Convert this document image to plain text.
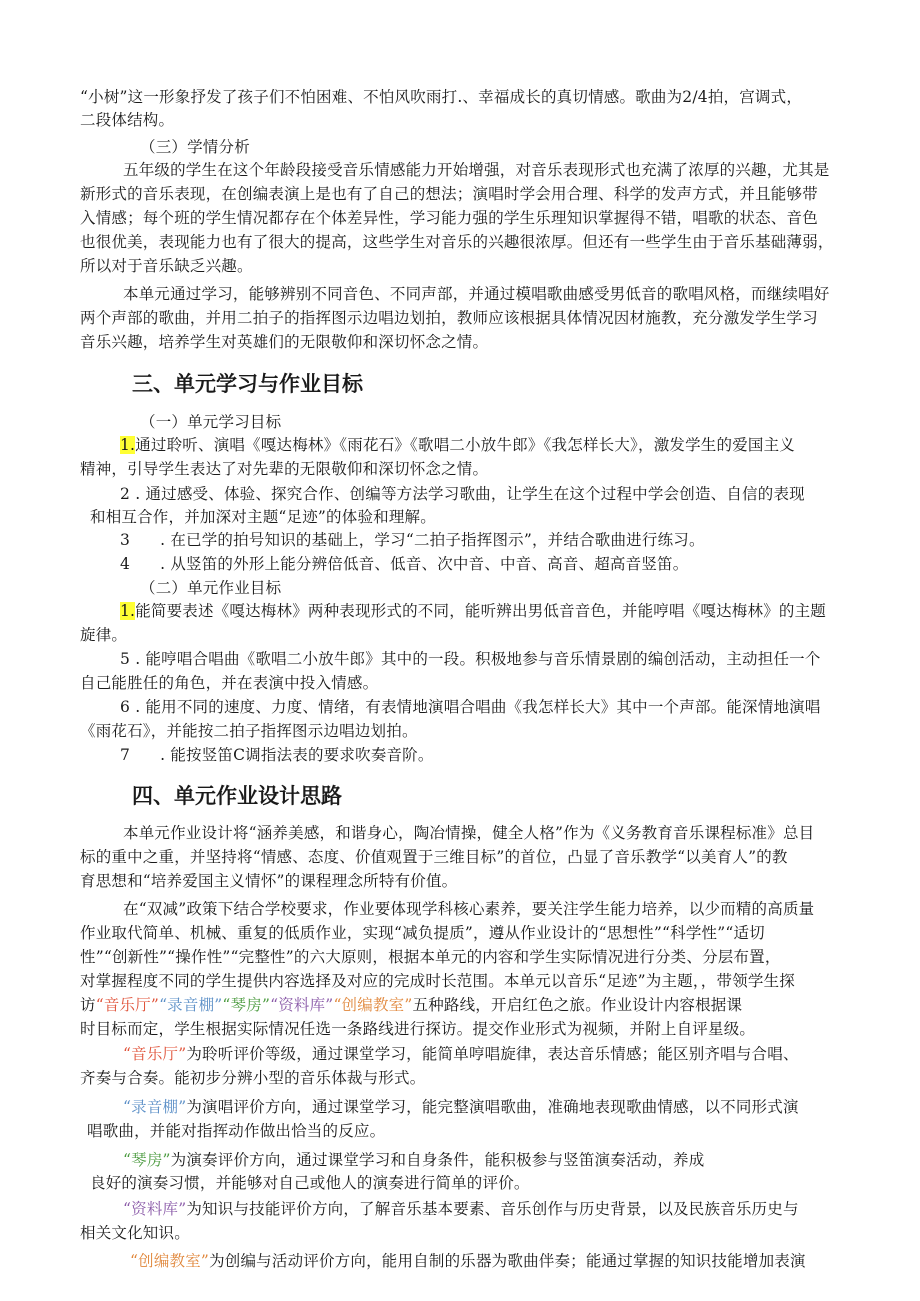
“小树”这一形象抒发了孩子们不怕困难、不怕风吹雨打.、幸福成长的真切情感。歌曲为2/4拍，宫调式，
二段体结构。
（三）学情分析
五年级的学生在这个年龄段接受音乐情感能力开始增强，对音乐表现形式也充满了浓厚的兴趣，尤其是
新形式的音乐表现，在创编表演上是也有了自己的想法；演唱时学会用合理、科学的发声方式，并且能够带
入情感；每个班的学生情况都存在个体差异性，学习能力强的学生乐理知识掌握得不错，唱歌的状态、音色
也很优美，表现能力也有了很大的提高，这些学生对音乐的兴趣很浓厚。但还有一些学生由于音乐基础薄弱，
所以对于音乐缺乏兴趣。
本单元通过学习，能够辨别不同音色、不同声部，并通过模唱歌曲感受男低音的歌唱风格，而继续唱好
两个声部的歌曲，并用二拍子的指挥图示边唱边划拍，教师应该根据具体情况因材施教，充分激发学生学习
音乐兴趣，培养学生对英雄们的无限敬仰和深切怀念之情。
三、单元学习与作业目标
（一）单元学习目标
1.通过聆听、演唱《嘎达梅林》《雨花石》《歌唱二小放牛郎》《我怎样长大》，激发学生的爱国主义
精神，引导学生表达了对先辈的无限敬仰和深切怀念之情。
2 . 通过感受、体验、探究合作、创编等方法学习歌曲，让学生在这个过程中学会创造、自信的表现
和相互合作，并加深对主题“足迹”的体验和理解。
3 . 在已学的拍号知识的基础上，学习“二拍子指挥图示”，并结合歌曲进行练习。
4 . 从竖笛的外形上能分辨倍低音、低音、次中音、中音、高音、超高音竖笛。
（二）单元作业目标
1.能简要表述《嘎达梅林》两种表现形式的不同，能听辨出男低音音色，并能哼唱《嘎达梅林》的主题
旋律。
5 . 能哼唱合唱曲《歌唱二小放牛郎》其中的一段。积极地参与音乐情景剧的编创活动，主动担任一个
自己能胜任的角色，并在表演中投入情感。
6 . 能用不同的速度、力度、情绪，有表情地演唱合唱曲《我怎样长大》其中一个声部。能深情地演唱
《雨花石》，并能按二拍子指挥图示边唱边划拍。
7 . 能按竖笛C调指法表的要求吹奏音阶。
四、单元作业设计思路
本单元作业设计将“涵养美感，和谐身心，陶冶情操，健全人格”作为《义务教育音乐课程标准》总目
标的重中之重，并坚持将“情感、态度、价值观置于三维目标”的首位，凸显了音乐教学“以美育人”的教
育思想和“培养爱国主义情怀”的课程理念所特有价值。
在“双减”政策下结合学校要求，作业要体现学科核心素养，要关注学生能力培养，以少而精的高质量
作业取代简单、机械、重复的低质作业，实现“减负提质”，遵从作业设计的“思想性”“科学性”“适切
性”“创新性”“操作性”“完整性”的六大原则，根据本单元的内容和学生实际情况进行分类、分层布置，
对掌握程度不同的学生提供内容选择及对应的完成时长范围。本单元以音乐“足迹”为主题，，带领学生探
访“音乐厅”“录音棚”“琴房”“资料库”“创编教室”五种路线，开启红色之旅。作业设计内容根据课
时目标而定，学生根据实际情况任选一条路线进行探访。提交作业形式为视频，并附上自评星级。
“音乐厅”为聆听评价等级，通过课堂学习，能简单哼唱旋律，表达音乐情感；能区别齐唱与合唱、
齐奏与合奏。能初步分辨小型的音乐体裁与形式。
“录音棚”为演唱评价方向，通过课堂学习，能完整演唱歌曲，准确地表现歌曲情感，以不同形式演
唱歌曲，并能对指挥动作做出恰当的反应。
“琴房”为演奏评价方向，通过课堂学习和自身条件，能积极参与竖笛演奏活动，养成
良好的演奏习惯，并能够对自己或他人的演奏进行简单的评价。
“资料库”为知识与技能评价方向，了解音乐基本要素、音乐创作与历史背景，以及民族音乐历史与
相关文化知识。
“创编教室”为创编与活动评价方向，能用自制的乐器为歌曲伴奏；能通过掌握的知识技能增加表演
